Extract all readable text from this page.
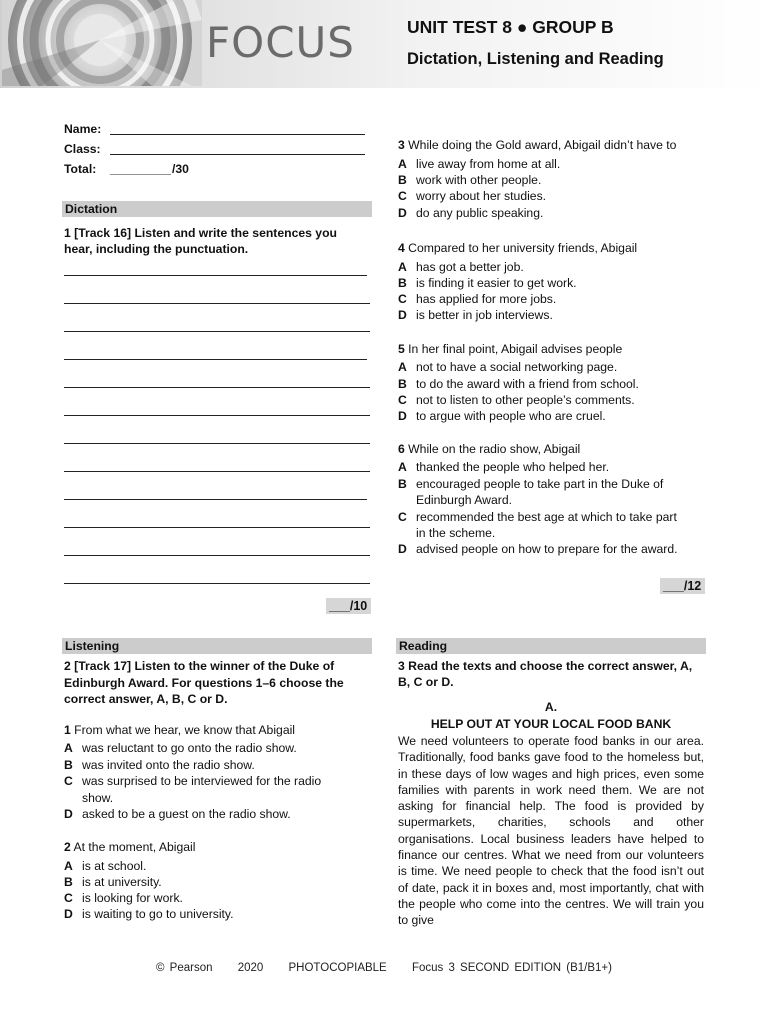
FOCUS	UNIT TEST 8 ● GROUP B
Dictation, Listening and Reading
Name:
Class:
Total: _________ /30
Dictation
1 [Track 16] Listen and write the sentences you
hear, including the punctuation.
___/10
Listening
2 [Track 17] Listen to the winner of the Duke of
Edinburgh Award. For questions 1–6 choose the
correct answer, A, B, C or D.
1 From what we hear, we know that Abigail
A was reluctant to go onto the radio show.
B was invited onto the radio show.
C was surprised to be interviewed for the radio
show.
D asked to be a guest on the radio show.
2 At the moment, Abigail
A is at school.
B is at university.
C is looking for work.
D is waiting to go to university.
3 While doing the Gold award, Abigail didn’t have to
A live away from home at all.
B work with other people.
C worry about her studies.
D do any public speaking.
4 Compared to her university friends, Abigail
A has got a better job.
B is finding it easier to get work.
C has applied for more jobs.
D is better in job interviews.
5 In her final point, Abigail advises people
A not to have a social networking page.
B to do the award with a friend from school.
C not to listen to other people’s comments.
D to argue with people who are cruel.
6 While on the radio show, Abigail
A thanked the people who helped her.
B encouraged people to take part in the Duke of
Edinburgh Award.
C recommended the best age at which to take part
in the scheme.
D advised people on how to prepare for the award.
___/12
Reading
3 Read the texts and choose the correct answer, A,
B, C or D.
A.
HELP OUT AT YOUR LOCAL FOOD BANK
We need volunteers to operate food banks in our area. Traditionally, food banks gave food to the homeless but, in these days of low wages and high prices, even some families with parents in work need them. We are not asking for financial help. The food is provided by supermarkets, charities, schools and other organisations. Local business leaders have helped to finance our centres. What we need from our volunteers is time. We need people to check that the food isn’t out of date, pack it in boxes and, most importantly, chat with the people who come into the centres. We will train you to give
© Pearson 2020 PHOTOCOPIABLE Focus 3 SECOND EDITION (B1/B1+)
